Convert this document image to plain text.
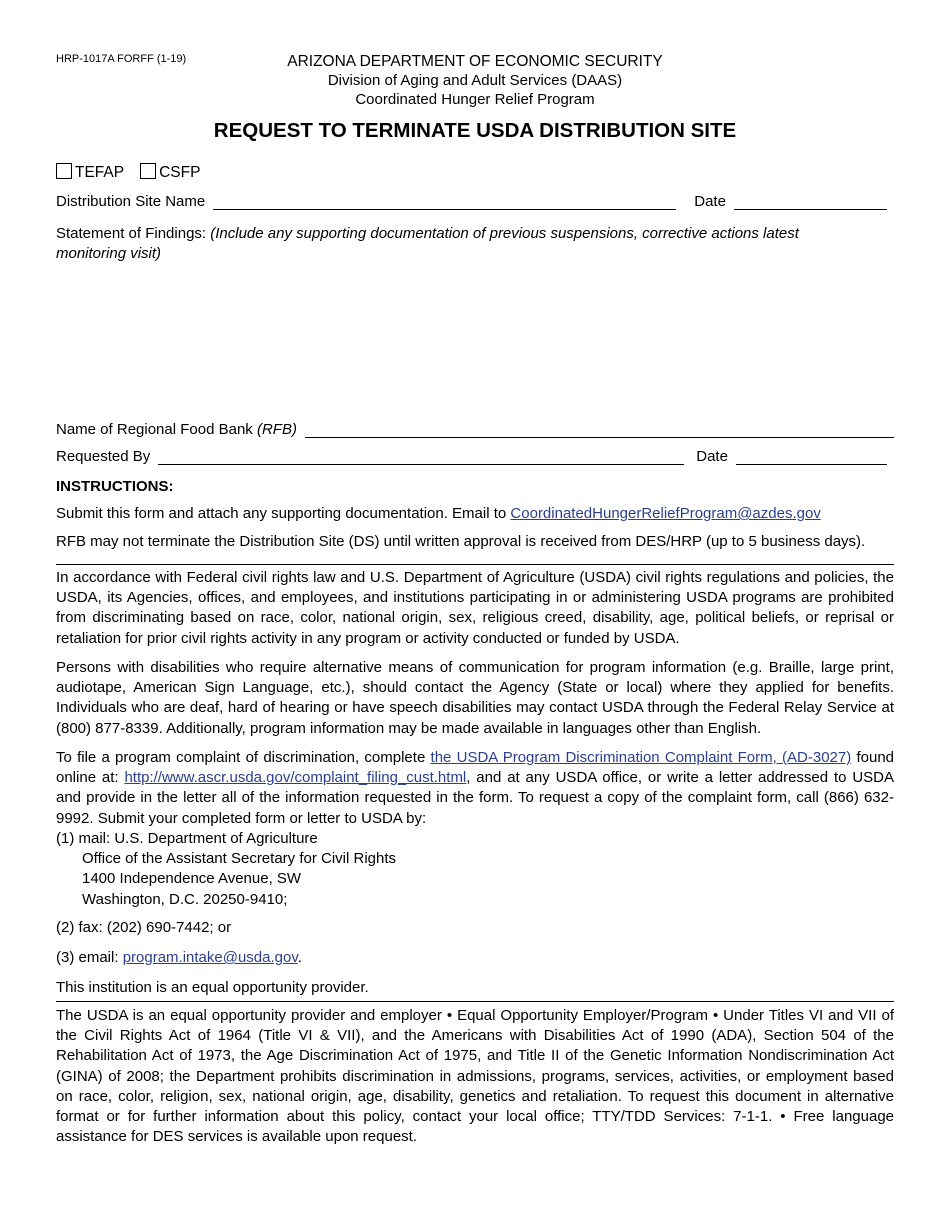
HRP-1017A FORFF (1-19)	ARIZONA DEPARTMENT OF ECONOMIC SECURITY
Division of Aging and Adult Services (DAAS)
Coordinated Hunger Relief Program
REQUEST TO TERMINATE USDA DISTRIBUTION SITE
TEFAP CSFP
Distribution Site Name	Date
Statement of Findings: (Include any supporting documentation of previous suspensions, corrective actions latest monitoring visit)
Name of Regional Food Bank (RFB)
Requested By	Date
INSTRUCTIONS:
Submit this form and attach any supporting documentation. Email to CoordinatedHungerReliefProgram@azdes.gov
RFB may not terminate the Distribution Site (DS) until written approval is received from DES/HRP (up to 5 business days).
In accordance with Federal civil rights law and U.S. Department of Agriculture (USDA) civil rights regulations and policies, the USDA, its Agencies, offices, and employees, and institutions participating in or administering USDA programs are prohibited from discriminating based on race, color, national origin, sex, religious creed, disability, age, political beliefs, or reprisal or retaliation for prior civil rights activity in any program or activity conducted or funded by USDA.
Persons with disabilities who require alternative means of communication for program information (e.g. Braille, large print, audiotape, American Sign Language, etc.), should contact the Agency (State or local) where they applied for benefits. Individuals who are deaf, hard of hearing or have speech disabilities may contact USDA through the Federal Relay Service at (800) 877-8339. Additionally, program information may be made available in languages other than English.
To file a program complaint of discrimination, complete the USDA Program Discrimination Complaint Form, (AD-3027) found online at: http://www.ascr.usda.gov/complaint_filing_cust.html, and at any USDA office, or write a letter addressed to USDA and provide in the letter all of the information requested in the form. To request a copy of the complaint form, call (866) 632-9992. Submit your completed form or letter to USDA by:
(1) mail: U.S. Department of Agriculture
Office of the Assistant Secretary for Civil Rights
1400 Independence Avenue, SW
Washington, D.C. 20250-9410;
(2) fax: (202) 690-7442; or
(3) email: program.intake@usda.gov.
This institution is an equal opportunity provider.
The USDA is an equal opportunity provider and employer • Equal Opportunity Employer/Program • Under Titles VI and VII of the Civil Rights Act of 1964 (Title VI & VII), and the Americans with Disabilities Act of 1990 (ADA), Section 504 of the Rehabilitation Act of 1973, the Age Discrimination Act of 1975, and Title II of the Genetic Information Nondiscrimination Act (GINA) of 2008; the Department prohibits discrimination in admissions, programs, services, activities, or employment based on race, color, religion, sex, national origin, age, disability, genetics and retaliation. To request this document in alternative format or for further information about this policy, contact your local office; TTY/TDD Services: 7-1-1. • Free language assistance for DES services is available upon request.
